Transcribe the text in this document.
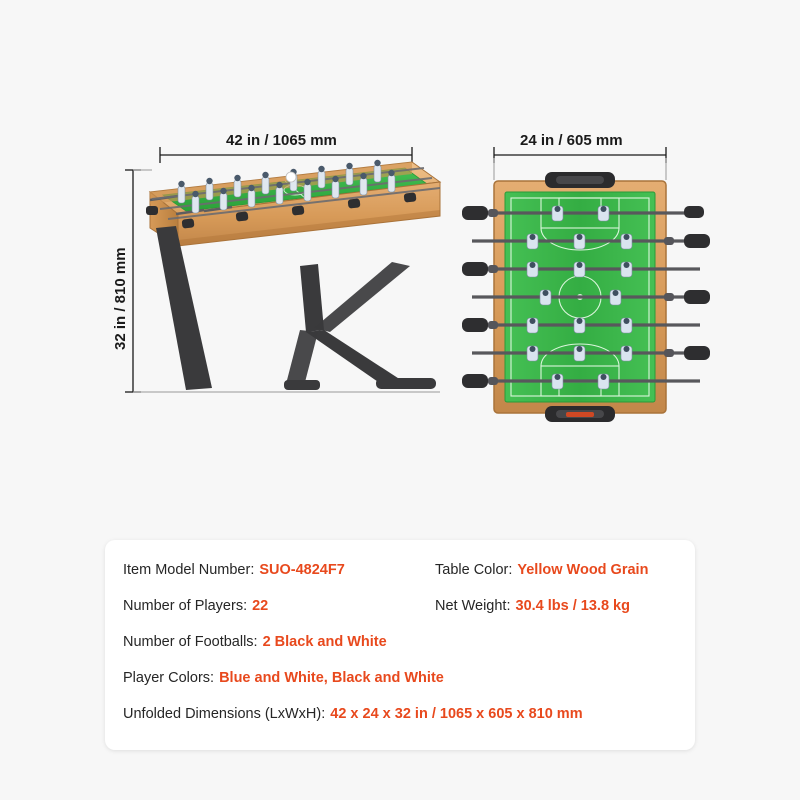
42 in / 1065 mm
32 in / 810 mm
24 in / 605 mm
Item Model Number: SUO-4824F7	Table Color: Yellow Wood Grain
Number of Players: 22	Net Weight: 30.4 lbs / 13.8 kg
Number of Footballs: 2 Black and White
Player Colors: Blue and White, Black and White
Unfolded Dimensions (LxWxH): 42 x 24 x 32 in / 1065 x 605 x 810 mm
